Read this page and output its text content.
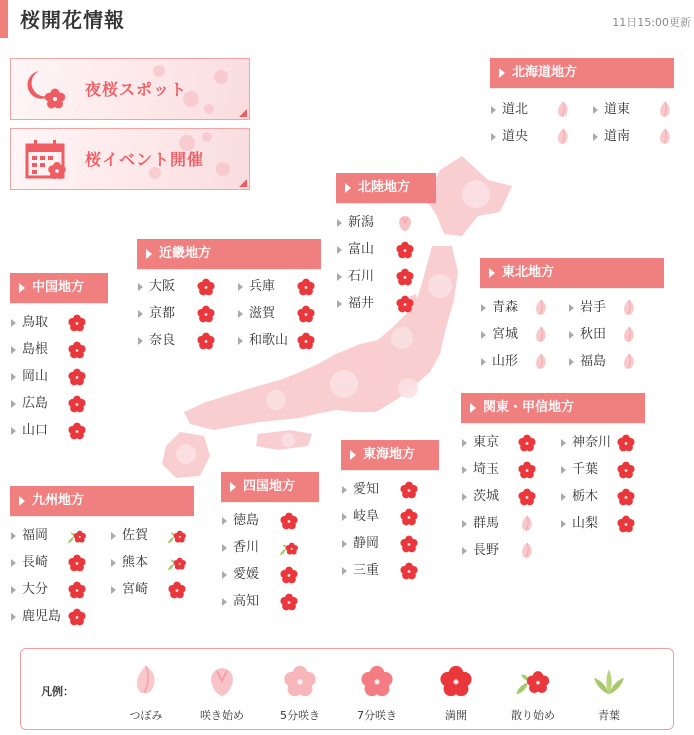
桜開花情報	11日15:00更新
夜桜スポット
桜イベント開催
北海道地方
道北	道東
道央	道南
北陸地方
新潟
富山
石川
福井
近畿地方
大阪	兵庫
京都	滋賀
奈良	和歌山
中国地方
鳥取
島根
岡山
広島
山口
東北地方
青森	岩手
宮城	秋田
山形	福島
関東・甲信地方
東京	神奈川
埼玉	千葉
茨城	栃木
群馬	山梨
長野
東海地方
愛知
岐阜
静岡
三重
四国地方
徳島
香川
愛媛
高知
九州地方
福岡	佐賀
長崎	熊本
大分	宮崎
鹿児島
凡例：
つぼみ	咲き始め	5分咲き	7分咲き	満開	散り始め	青葉
